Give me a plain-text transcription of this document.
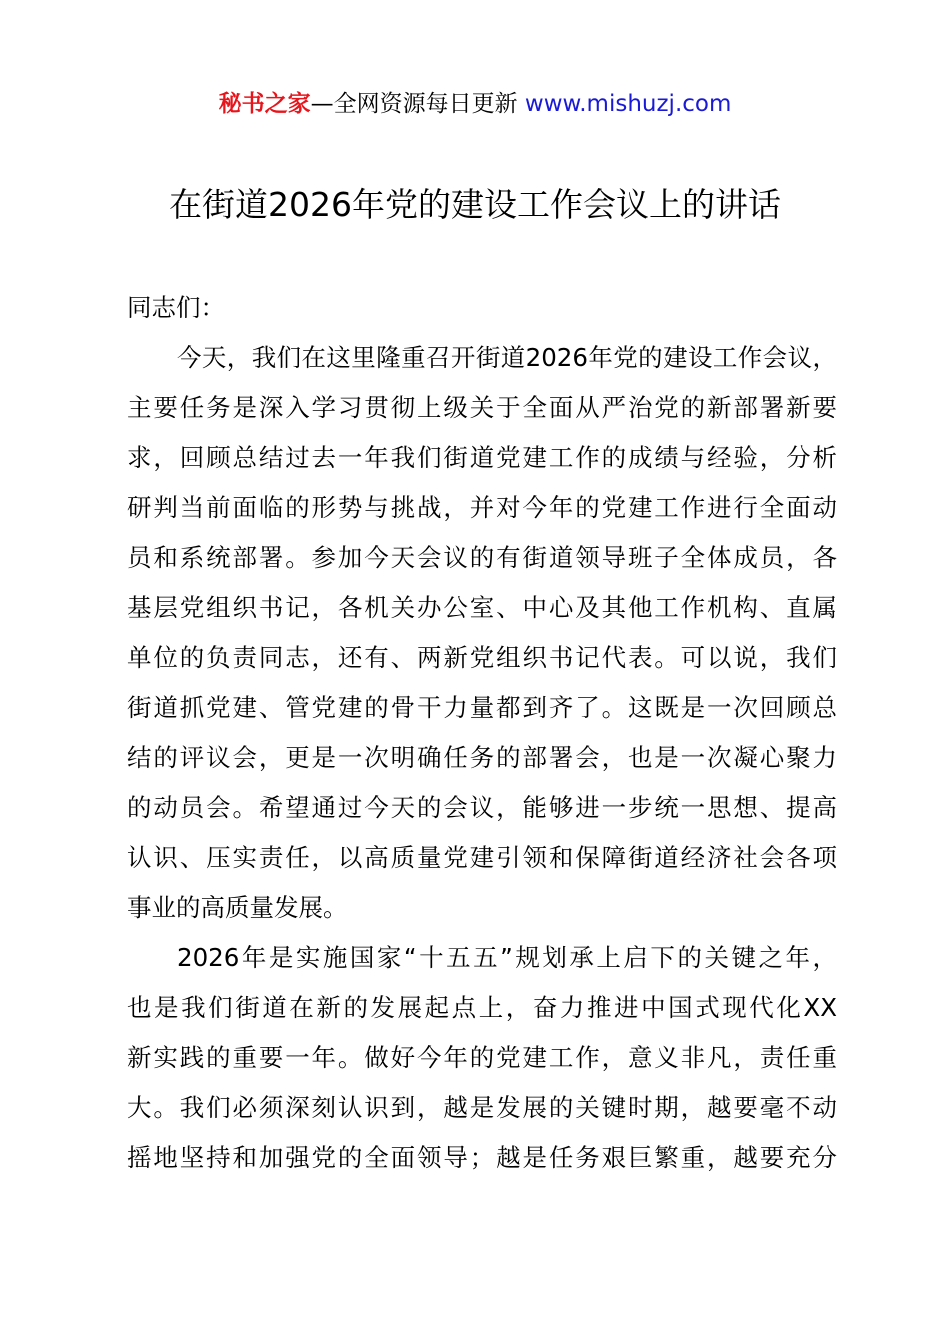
秘书之家—全网资源每日更新 www.mishuzj.com
在街道2026年党的建设工作会议上的讲话
同志们：
今天，我们在这里隆重召开街道2026年党的建设工作会议，
主要任务是深入学习贯彻上级关于全面从严治党的新部署新要
求，回顾总结过去一年我们街道党建工作的成绩与经验，分析
研判当前面临的形势与挑战，并对今年的党建工作进行全面动
员和系统部署。参加今天会议的有街道领导班子全体成员，各
基层党组织书记，各机关办公室、中心及其他工作机构、直属
单位的负责同志，还有、两新党组织书记代表。可以说，我们
街道抓党建、管党建的骨干力量都到齐了。这既是一次回顾总
结的评议会，更是一次明确任务的部署会，也是一次凝心聚力
的动员会。希望通过今天的会议，能够进一步统一思想、提高
认识、压实责任，以高质量党建引领和保障街道经济社会各项
事业的高质量发展。
2026年是实施国家“十五五”规划承上启下的关键之年，
也是我们街道在新的发展起点上，奋力推进中国式现代化XX
新实践的重要一年。做好今年的党建工作，意义非凡，责任重
大。我们必须深刻认识到，越是发展的关键时期，越要毫不动
摇地坚持和加强党的全面领导；越是任务艰巨繁重，越要充分
